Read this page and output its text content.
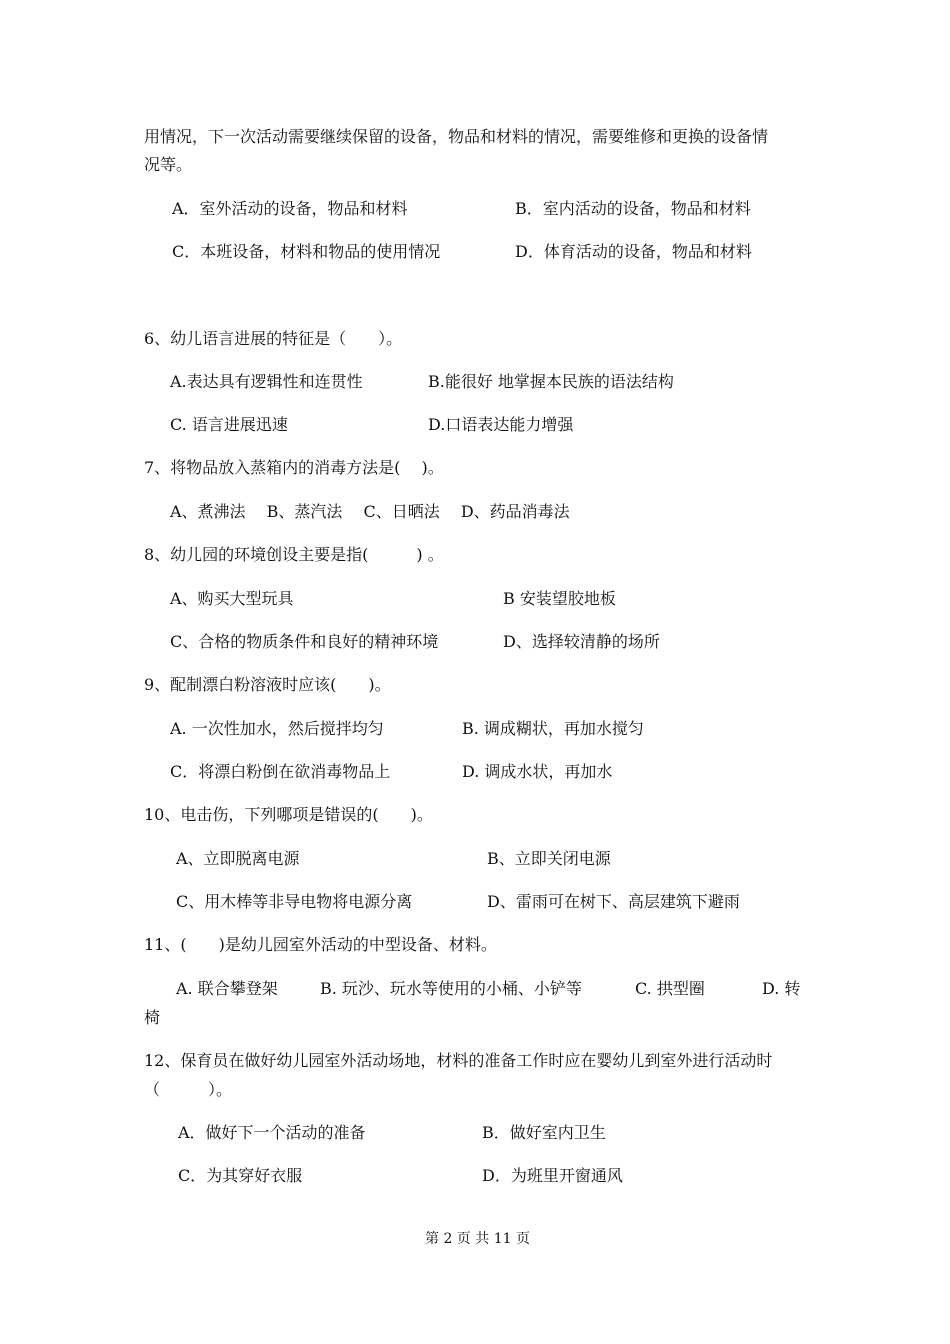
用情况，下一次活动需要继续保留的设备，物品和材料的情况，需要维修和更换的设备情
况等。
A．室外活动的设备，物品和材料	B．室内活动的设备，物品和材料
C．本班设备，材料和物品的使用情况	D．体育活动的设备，物品和材料
6、幼儿语言进展的特征是（　　）。
A.表达具有逻辑性和连贯性	B.能很好 地掌握本民族的语法结构
C. 语言进展迅速	D.口语表达能力增强
7、将物品放入蒸箱内的消毒方法是(　 )。
A、煮沸法　 B、蒸汽法　 C、日晒法　 D、药品消毒法
8、幼儿园的环境创设主要是指(　　　) 。
A、购买大型玩具	B 安装望胶地板
C、合格的物质条件和良好的精神环境	D、选择较清静的场所
9、配制漂白粉溶液时应该(　　)。
A. 一次性加水，然后搅拌均匀	B. 调成糊状，再加水搅匀
C．将漂白粉倒在欲消毒物品上	D. 调成水状，再加水
10、电击伤，下列哪项是错误的(　　)。
A、立即脱离电源	B、立即关闭电源
C、用木棒等非导电物将电源分离	D、雷雨可在树下、高层建筑下避雨
11、(　　)是幼儿园室外活动的中型设备、材料。
A. 联合攀登架	B. 玩沙、玩水等使用的小桶、小铲等	C. 拱型圈	D. 转
椅
12、保育员在做好幼儿园室外活动场地，材料的准备工作时应在婴幼儿到室外进行活动时
（　　　）。
A．做好下一个活动的准备	B．做好室内卫生
C．为其穿好衣服	D．为班里开窗通风
第 2 页 共 11 页
